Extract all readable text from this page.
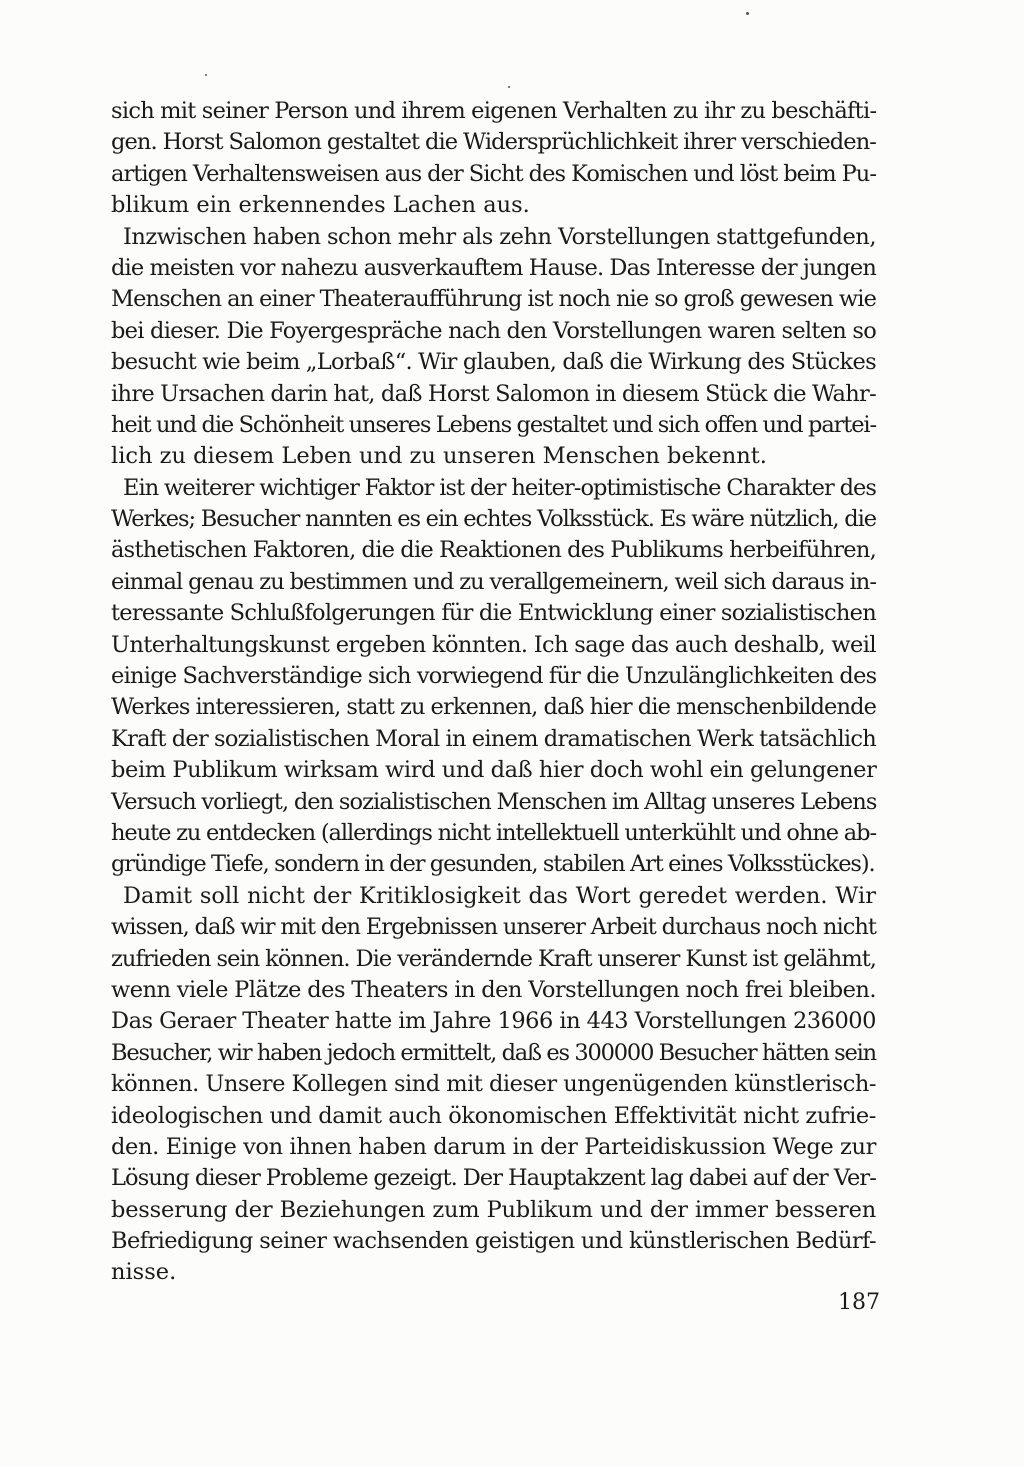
sich mit seiner Person und ihrem eigenen Verhalten zu ihr zu beschäfti-
gen. Horst Salomon gestaltet die Widersprüchlichkeit ihrer verschieden-
artigen Verhaltensweisen aus der Sicht des Komischen und löst beim Pu-
blikum ein erkennendes Lachen aus.
Inzwischen haben schon mehr als zehn Vorstellungen stattgefunden,
die meisten vor nahezu ausverkauftem Hause. Das Interesse der jungen
Menschen an einer Theateraufführung ist noch nie so groß gewesen wie
bei dieser. Die Foyergespräche nach den Vorstellungen waren selten so
besucht wie beim „Lorbaß“. Wir glauben, daß die Wirkung des Stückes
ihre Ursachen darin hat, daß Horst Salomon in diesem Stück die Wahr-
heit und die Schönheit unseres Lebens gestaltet und sich offen und partei-
lich zu diesem Leben und zu unseren Menschen bekennt.
Ein weiterer wichtiger Faktor ist der heiter-optimistische Charakter des
Werkes; Besucher nannten es ein echtes Volksstück. Es wäre nützlich, die
ästhetischen Faktoren, die die Reaktionen des Publikums herbeiführen,
einmal genau zu bestimmen und zu verallgemeinern, weil sich daraus in-
teressante Schlußfolgerungen für die Entwicklung einer sozialistischen
Unterhaltungskunst ergeben könnten. Ich sage das auch deshalb, weil
einige Sachverständige sich vorwiegend für die Unzulänglichkeiten des
Werkes interessieren, statt zu erkennen, daß hier die menschenbildende
Kraft der sozialistischen Moral in einem dramatischen Werk tatsächlich
beim Publikum wirksam wird und daß hier doch wohl ein gelungener
Versuch vorliegt, den sozialistischen Menschen im Alltag unseres Lebens
heute zu entdecken (allerdings nicht intellektuell unterkühlt und ohne ab-
gründige Tiefe, sondern in der gesunden, stabilen Art eines Volksstückes).
Damit soll nicht der Kritiklosigkeit das Wort geredet werden. Wir
wissen, daß wir mit den Ergebnissen unserer Arbeit durchaus noch nicht
zufrieden sein können. Die verändernde Kraft unserer Kunst ist gelähmt,
wenn viele Plätze des Theaters in den Vorstellungen noch frei bleiben.
Das Geraer Theater hatte im Jahre 1966 in 443 Vorstellungen 236000
Besucher, wir haben jedoch ermittelt, daß es 300000 Besucher hätten sein
können. Unsere Kollegen sind mit dieser ungenügenden künstlerisch-
ideologischen und damit auch ökonomischen Effektivität nicht zufrie-
den. Einige von ihnen haben darum in der Parteidiskussion Wege zur
Lösung dieser Probleme gezeigt. Der Hauptakzent lag dabei auf der Ver-
besserung der Beziehungen zum Publikum und der immer besseren
Befriedigung seiner wachsenden geistigen und künstlerischen Bedürf-
nisse.
187
